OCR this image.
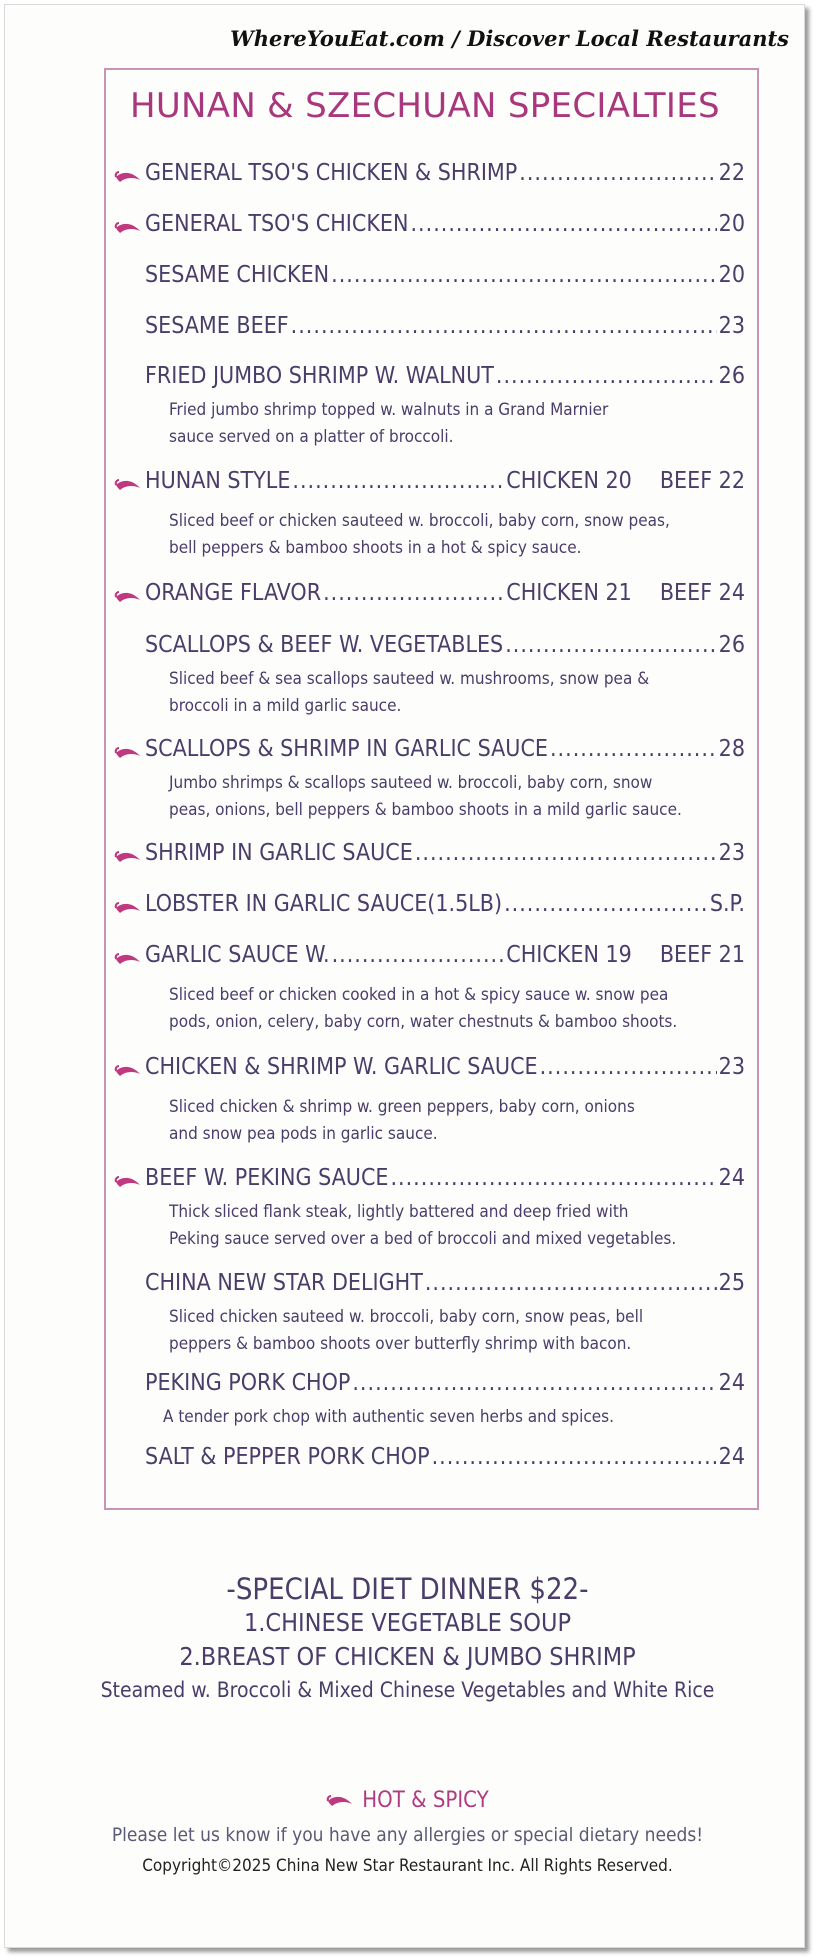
WhereYouEat.com / Discover Local Restaurants
HUNAN & SZECHUAN SPECIALTIES
GENERAL TSO'S CHICKEN & SHRIMP .....	22
GENERAL TSO'S CHICKEN .....	20
SESAME CHICKEN .....	20
SESAME BEEF .....	23
FRIED JUMBO SHRIMP W. WALNUT .....	26
Fried jumbo shrimp topped w. walnuts in a Grand Marnier
sauce served on a platter of broccoli.
HUNAN STYLE .....	CHICKEN 20 BEEF 22
Sliced beef or chicken sauteed w. broccoli, baby corn, snow peas,
bell peppers & bamboo shoots in a hot & spicy sauce.
ORANGE FLAVOR .....	CHICKEN 21 BEEF 24
SCALLOPS & BEEF W. VEGETABLES .....	26
Sliced beef & sea scallops sauteed w. mushrooms, snow pea &
broccoli in a mild garlic sauce.
SCALLOPS & SHRIMP IN GARLIC SAUCE .....	28
Jumbo shrimps & scallops sauteed w. broccoli, baby corn, snow
peas, onions, bell peppers & bamboo shoots in a mild garlic sauce.
SHRIMP IN GARLIC SAUCE .....	23
LOBSTER IN GARLIC SAUCE(1.5LB) .....	S.P.
GARLIC SAUCE W. .....	CHICKEN 19 BEEF 21
Sliced beef or chicken cooked in a hot & spicy sauce w. snow pea
pods, onion, celery, baby corn, water chestnuts & bamboo shoots.
CHICKEN & SHRIMP W. GARLIC SAUCE .....	23
Sliced chicken & shrimp w. green peppers, baby corn, onions
and snow pea pods in garlic sauce.
BEEF W. PEKING SAUCE .....	24
Thick sliced flank steak, lightly battered and deep fried with
Peking sauce served over a bed of broccoli and mixed vegetables.
CHINA NEW STAR DELIGHT .....	25
Sliced chicken sauteed w. broccoli, baby corn, snow peas, bell
peppers & bamboo shoots over butterfly shrimp with bacon.
PEKING PORK CHOP .....	24
A tender pork chop with authentic seven herbs and spices.
SALT & PEPPER PORK CHOP .....	24
-SPECIAL DIET DINNER $22-
1.CHINESE VEGETABLE SOUP
2.BREAST OF CHICKEN & JUMBO SHRIMP
Steamed w. Broccoli & Mixed Chinese Vegetables and White Rice
HOT & SPICY
Please let us know if you have any allergies or special dietary needs!
Copyright©2025 China New Star Restaurant Inc. All Rights Reserved.
